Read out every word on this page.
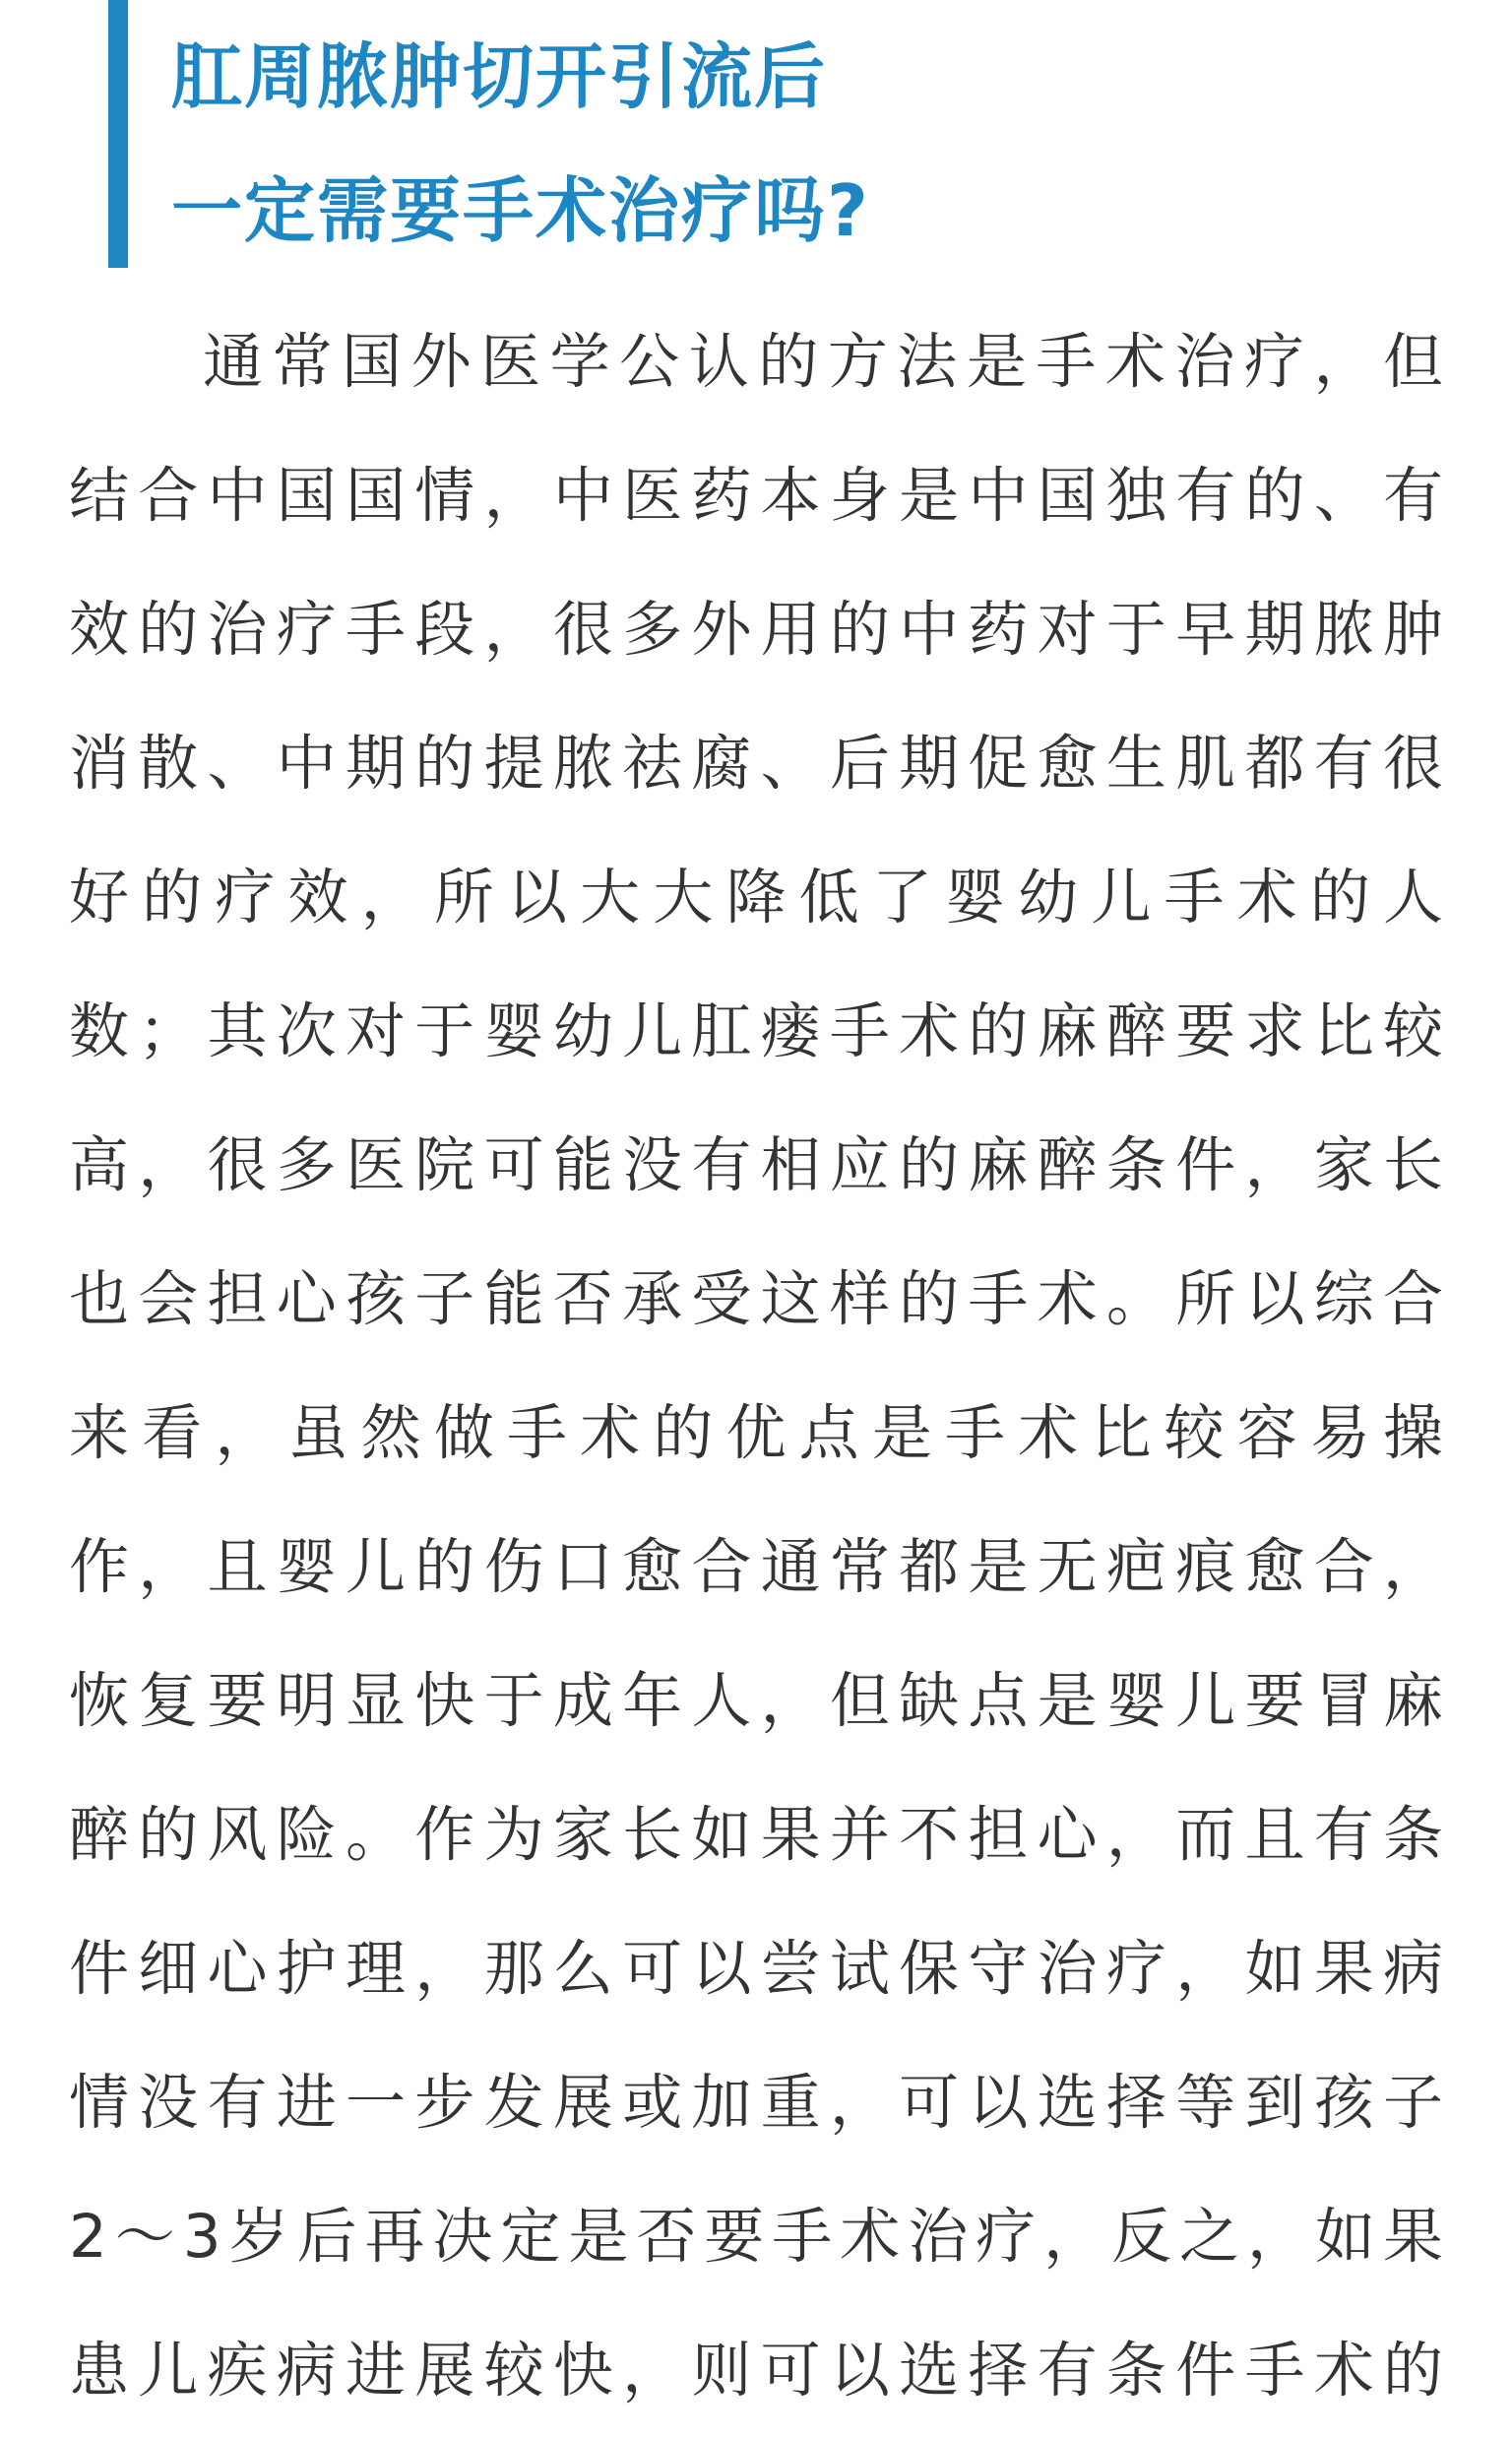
肛周脓肿切开引流后
一定需要手术治疗吗?
通常国外医学公认的方法是手术治疗，但
结合中国国情，中医药本身是中国独有的、有
效的治疗手段，很多外用的中药对于早期脓肿
消散、中期的提脓祛腐、后期促愈生肌都有很
好的疗效，所以大大降低了婴幼儿手术的人
数；其次对于婴幼儿肛瘘手术的麻醉要求比较
高，很多医院可能没有相应的麻醉条件，家长
也会担心孩子能否承受这样的手术。所以综合
来看，虽然做手术的优点是手术比较容易操
作，且婴儿的伤口愈合通常都是无疤痕愈合，
恢复要明显快于成年人，但缺点是婴儿要冒麻
醉的风险。作为家长如果并不担心，而且有条
件细心护理，那么可以尝试保守治疗，如果病
情没有进一步发展或加重，可以选择等到孩子
2～3岁后再决定是否要手术治疗，反之，如果
患儿疾病进展较快，则可以选择有条件手术的
